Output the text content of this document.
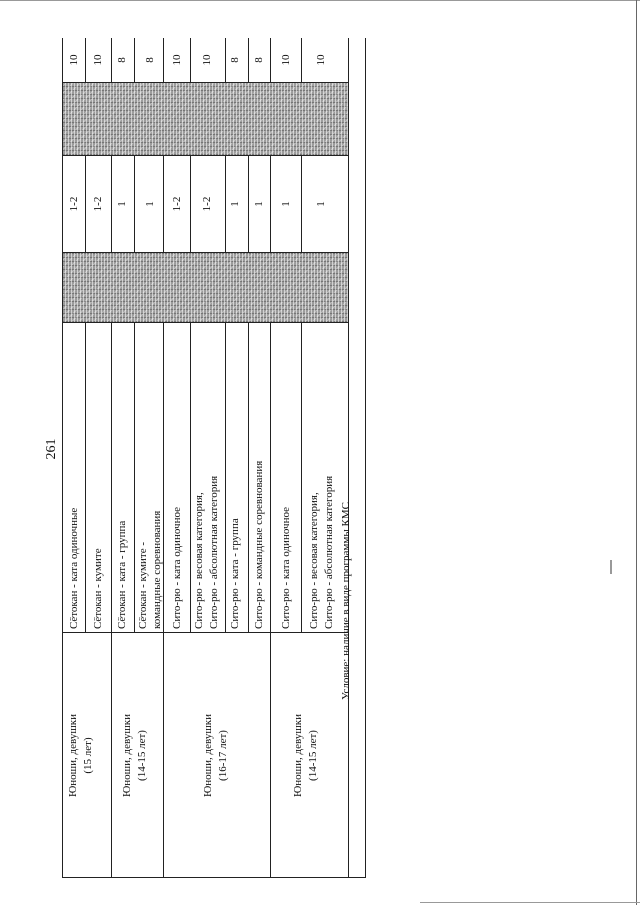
261
Юноши, девушки (15 лет) Юноши, девушки (14-15 лет)	Юноши, девушки (16-17 лет)	Юноши, девушки (14-15 лет)
Сётокан - ката одиночные
1-2
10
Сётокан - кумите
1-2
10
Сётокан - ката - группа
1
8
Сётокан - кумите - командные соревнования
1
8
Сито-рю - ката одиночное
1-2
10
Сито-рю - весовая категория, Сито-рю - абсолютная категория
1-2
10
Сито-рю - ката - группа
1
8
Сито-рю - командные соревнования
1
8
Сито-рю - ката одиночное
1
10
Сито-рю - весовая категория, Сито-рю - абсолютная категория
1
10
Условие: наличие в виде программы КМС
